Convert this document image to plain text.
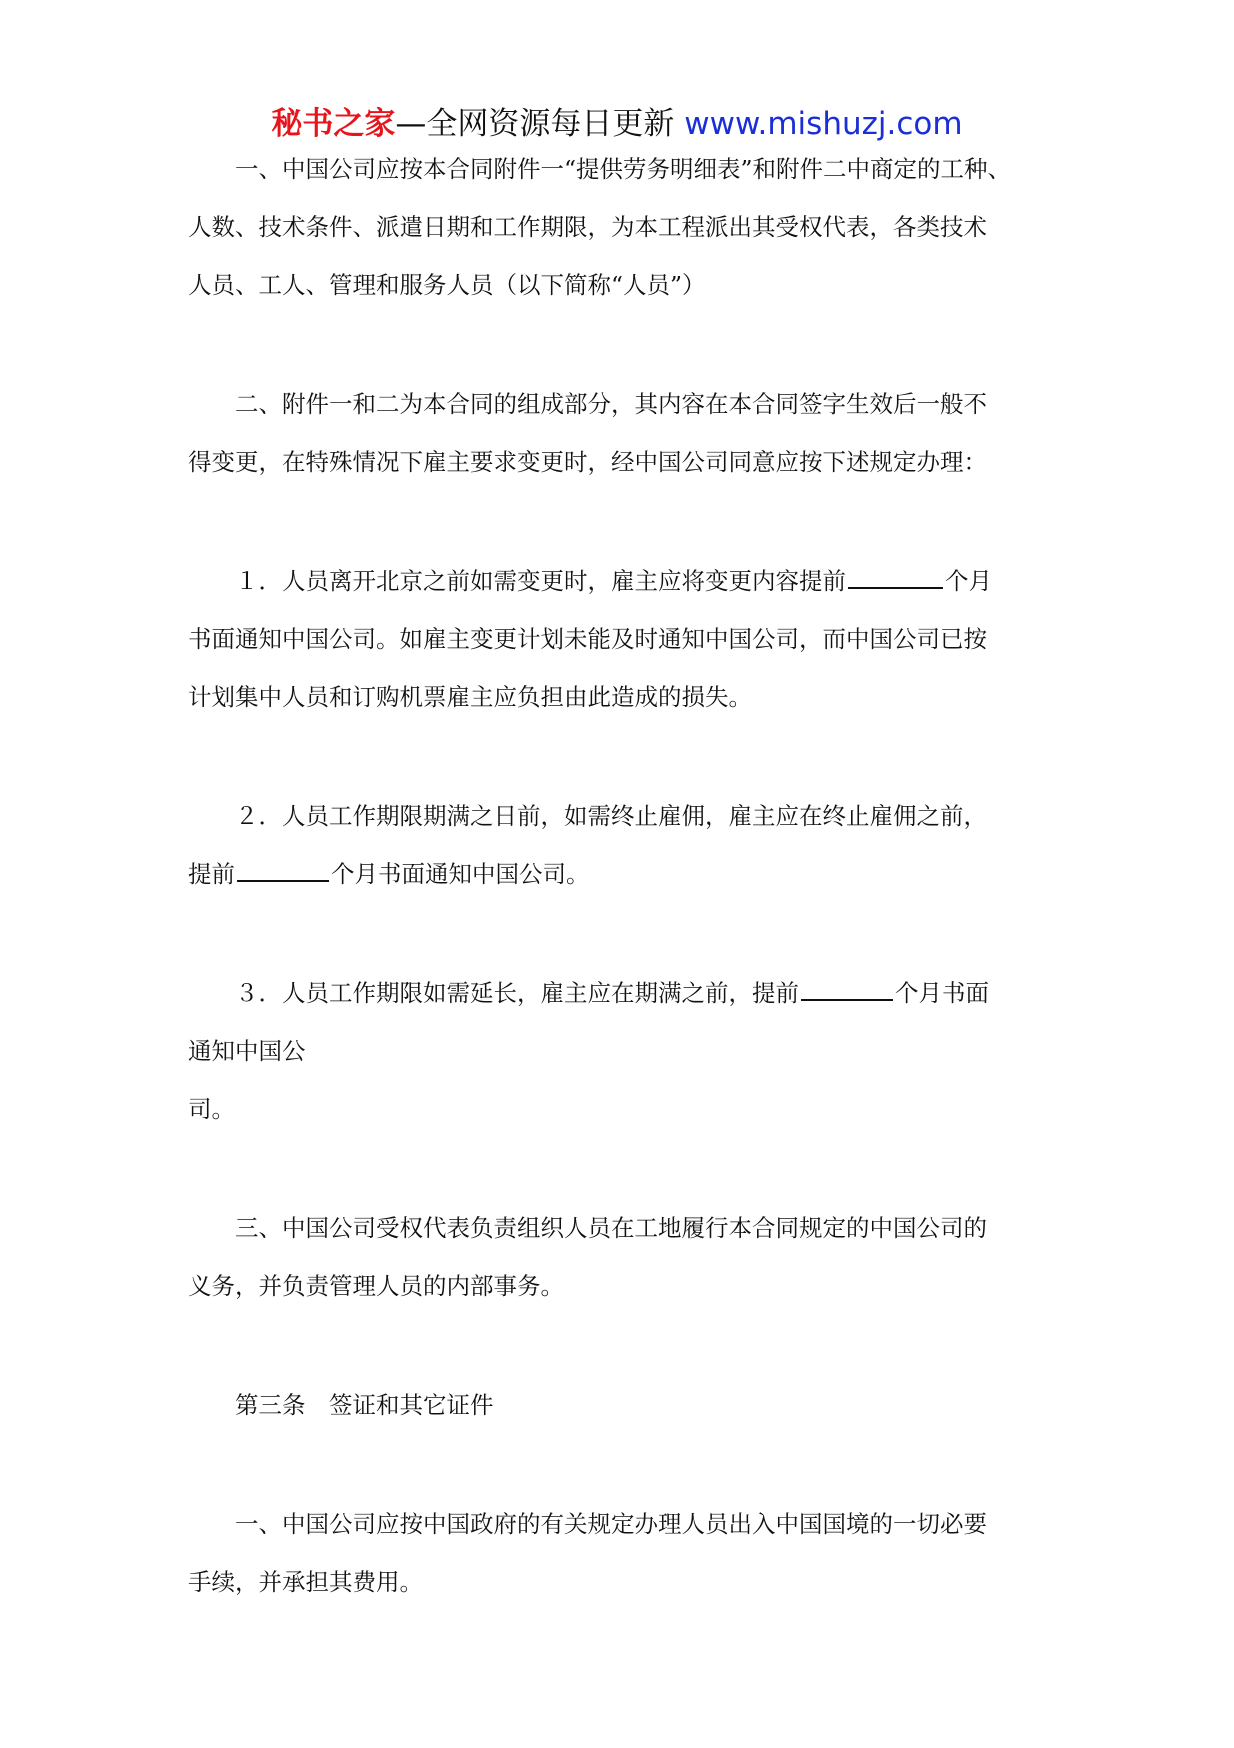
秘书之家—全网资源每日更新 www.mishuzj.com

一、中国公司应按本合同附件一“提供劳务明细表”和附件二中商定的工种、
人数、技术条件、派遣日期和工作期限，为本工程派出其受权代表，各类技术
人员、工人、管理和服务人员（以下简称“人员”）

二、附件一和二为本合同的组成部分，其内容在本合同签字生效后一般不
得变更，在特殊情况下雇主要求变更时，经中国公司同意应按下述规定办理：

１．人员离开北京之前如需变更时，雇主应将变更内容提前	个月
书面通知中国公司。如雇主变更计划未能及时通知中国公司，而中国公司已按
计划集中人员和订购机票雇主应负担由此造成的损失。

２．人员工作期限期满之日前，如需终止雇佣，雇主应在终止雇佣之前，
提前	个月书面通知中国公司。

３．人员工作期限如需延长，雇主应在期满之前，提前	个月书面
通知中国公
司。

三、中国公司受权代表负责组织人员在工地履行本合同规定的中国公司的
义务，并负责管理人员的内部事务。

第三条　签证和其它证件

一、中国公司应按中国政府的有关规定办理人员出入中国国境的一切必要
手续，并承担其费用。
